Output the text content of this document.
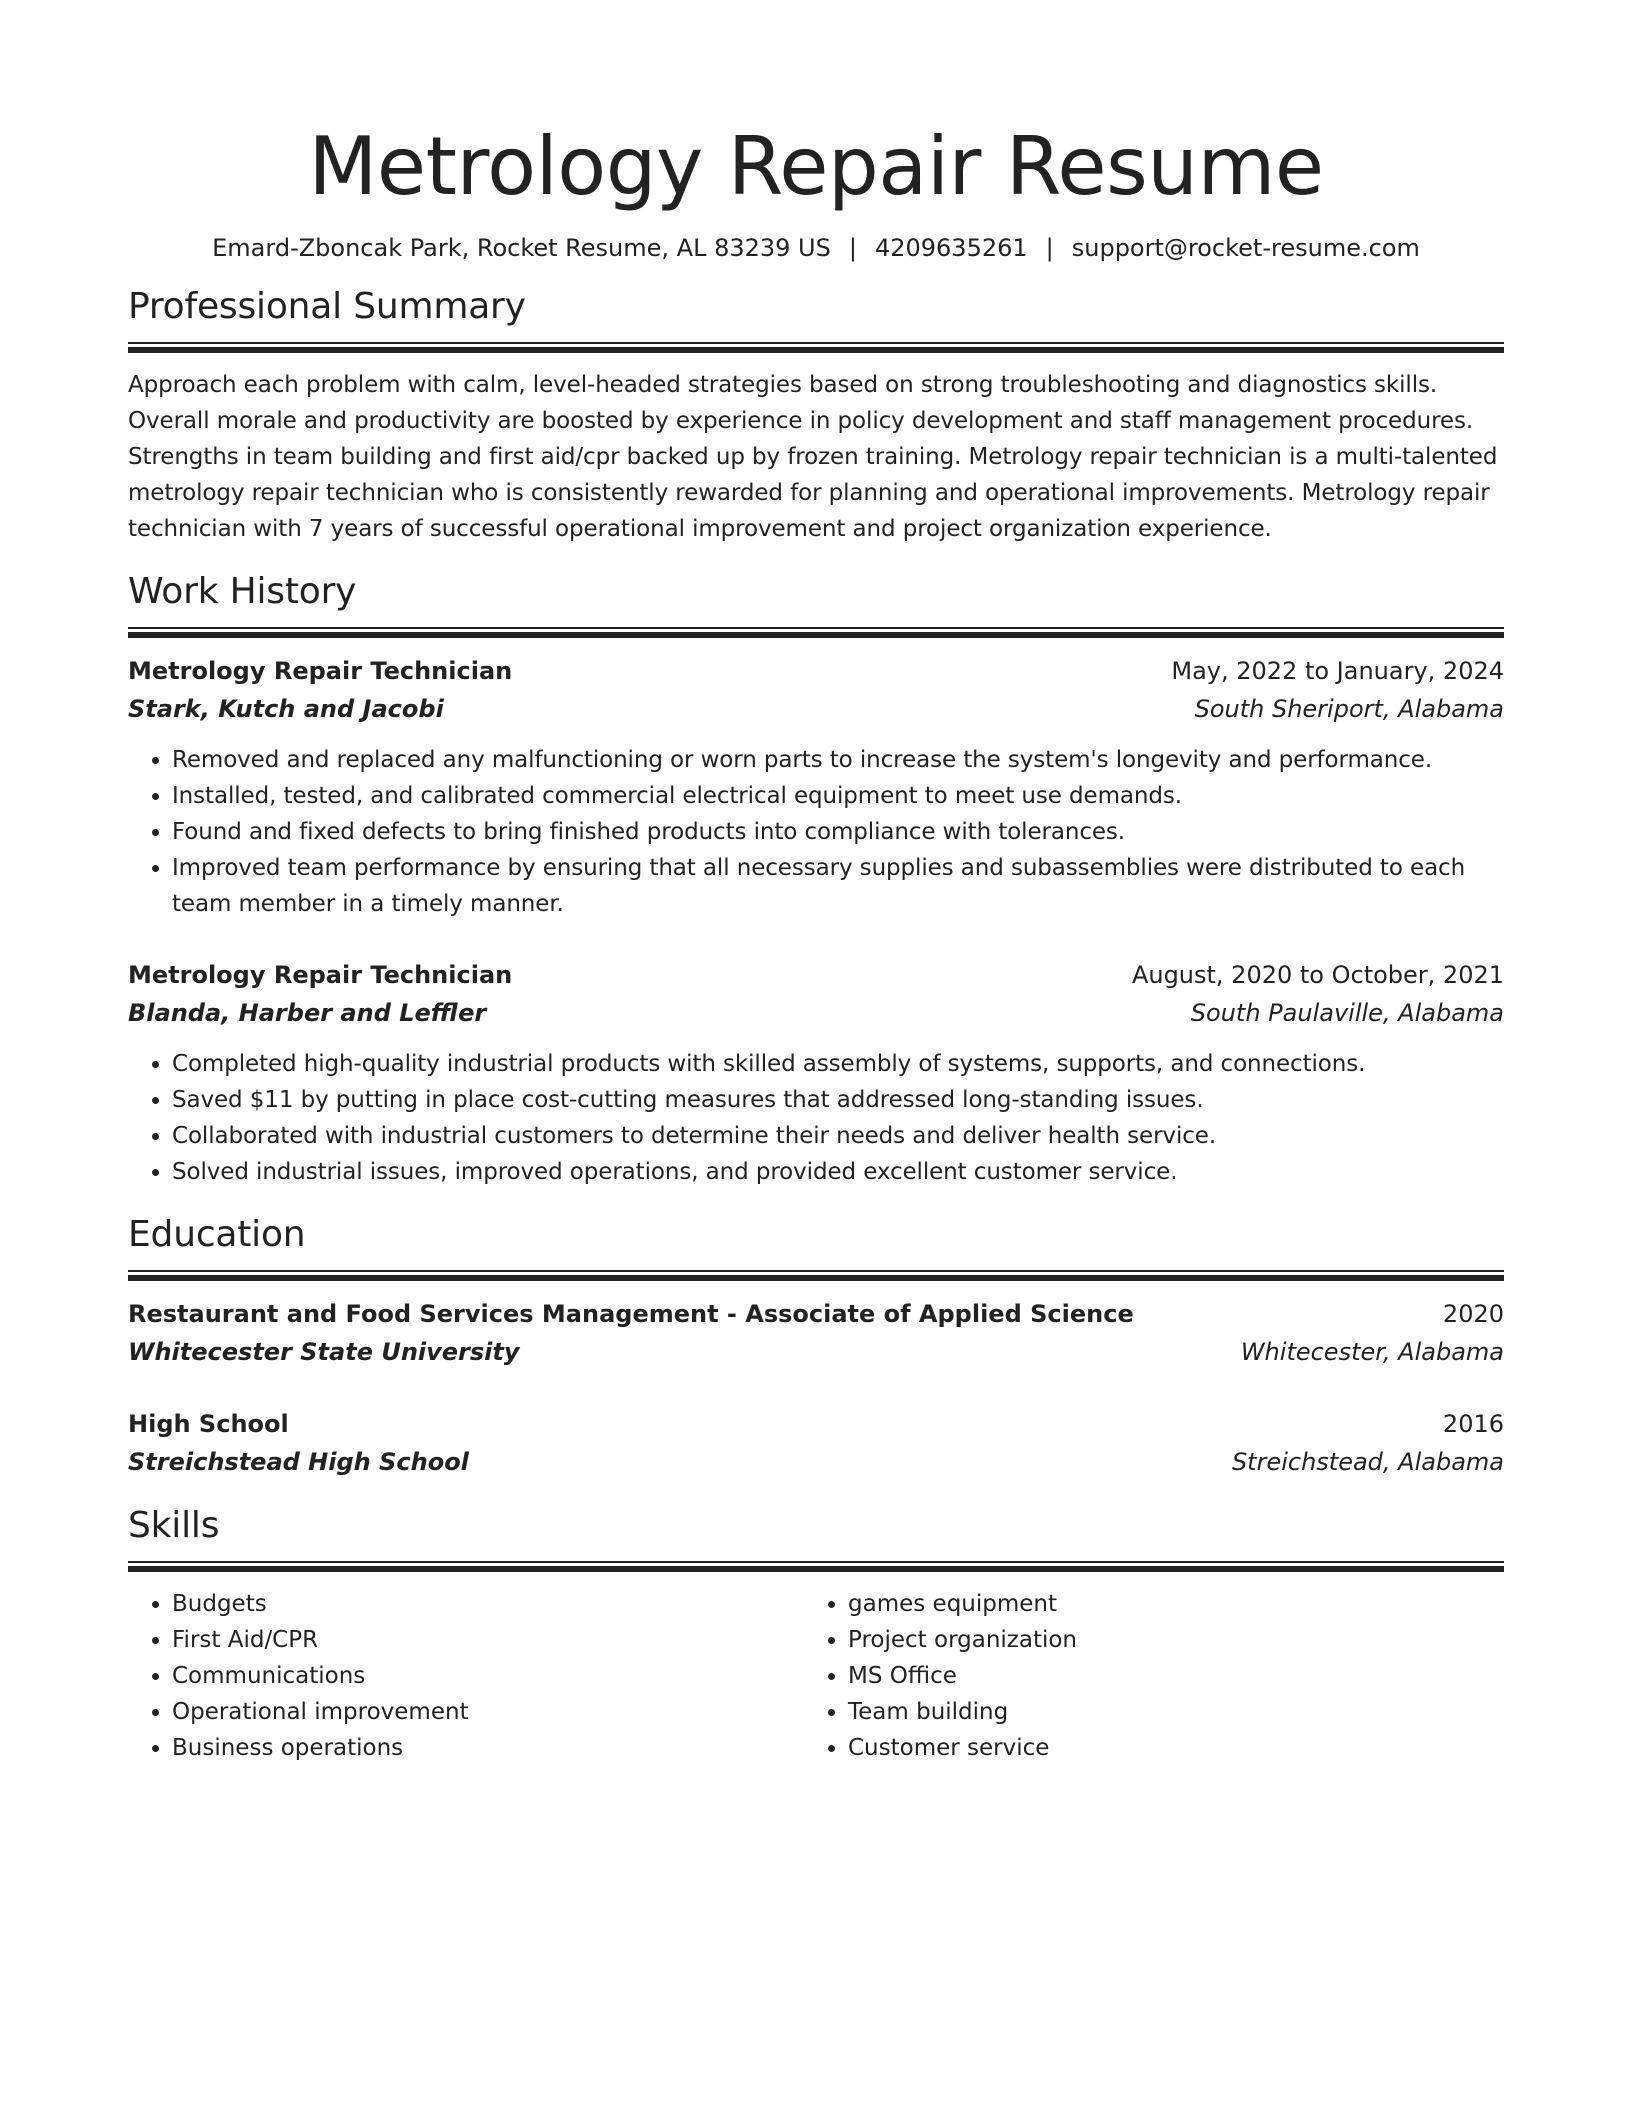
Metrology Repair Resume
Emard-Zboncak Park, Rocket Resume, AL 83239 US | 4209635261 | support@rocket-resume.com
Professional Summary

Approach each problem with calm, level-headed strategies based on strong troubleshooting and diagnostics skills. Overall morale and productivity are boosted by experience in policy development and staff management procedures. Strengths in team building and first aid/cpr backed up by frozen training. Metrology repair technician is a multi-talented metrology repair technician who is consistently rewarded for planning and operational improvements. Metrology repair technician with 7 years of successful operational improvement and project organization experience.

Work History
Metrology Repair Technician	May, 2022 to January, 2024
Stark, Kutch and Jacobi	South Sheriport, Alabama
• Removed and replaced any malfunctioning or worn parts to increase the system's longevity and performance.
• Installed, tested, and calibrated commercial electrical equipment to meet use demands.
• Found and fixed defects to bring finished products into compliance with tolerances.
• Improved team performance by ensuring that all necessary supplies and subassemblies were distributed to each team member in a timely manner.
Metrology Repair Technician	August, 2020 to October, 2021
Blanda, Harber and Leffler	South Paulaville, Alabama
• Completed high-quality industrial products with skilled assembly of systems, supports, and connections.
• Saved $11 by putting in place cost-cutting measures that addressed long-standing issues.
• Collaborated with industrial customers to determine their needs and deliver health service.
• Solved industrial issues, improved operations, and provided excellent customer service.
Education
Restaurant and Food Services Management - Associate of Applied Science	2020
Whitecester State University	Whitecester, Alabama
High School	2016
Streichstead High School	Streichstead, Alabama
Skills
• Budgets
• First Aid/CPR
• Communications
• Operational improvement
• Business operations
• games equipment
• Project organization
• MS Office
• Team building
• Customer service
